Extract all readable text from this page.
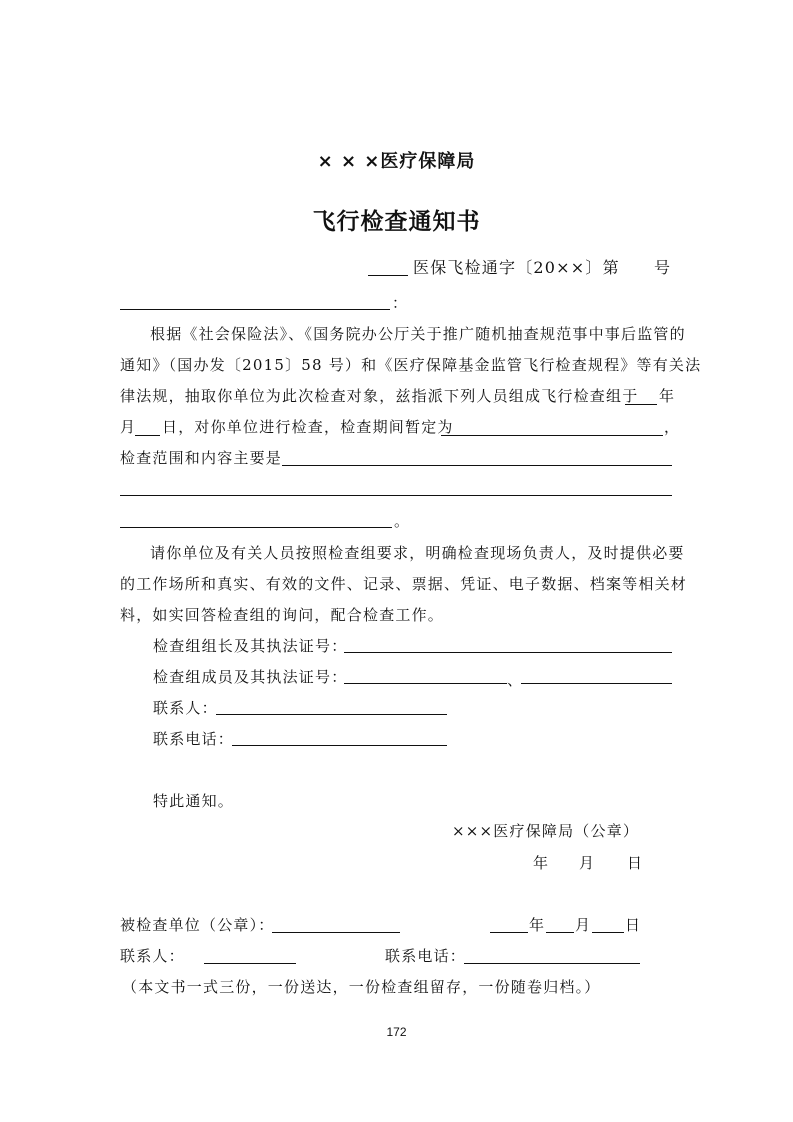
× × ×医疗保障局
飞行检查通知书
医保飞检通字〔20××〕第 号
：
根据《社会保险法》、《国务院办公厅关于推广随机抽查规范事中事后监管的
通知》（国办发〔2015〕58 号）和《医疗保障基金监管飞行检查规程》等有关法
律法规，抽取你单位为此次检查对象，兹指派下列人员组成飞行检查组于 年
月 日，对你单位进行检查，检查期间暂定为	，
检查范围和内容主要是
。
请你单位及有关人员按照检查组要求，明确检查现场负责人，及时提供必要
的工作场所和真实、有效的文件、记录、票据、凭证、电子数据、档案等相关材
料，如实回答检查组的询问，配合检查工作。
检查组组长及其执法证号：
检查组成员及其执法证号：	、
联系人：
联系电话：
特此通知。
×××医疗保障局（公章）
年 月 日
被检查单位（公章）：	年 月 日
联系人：	联系电话：
（本文书一式三份，一份送达，一份检查组留存，一份随卷归档。）
172
